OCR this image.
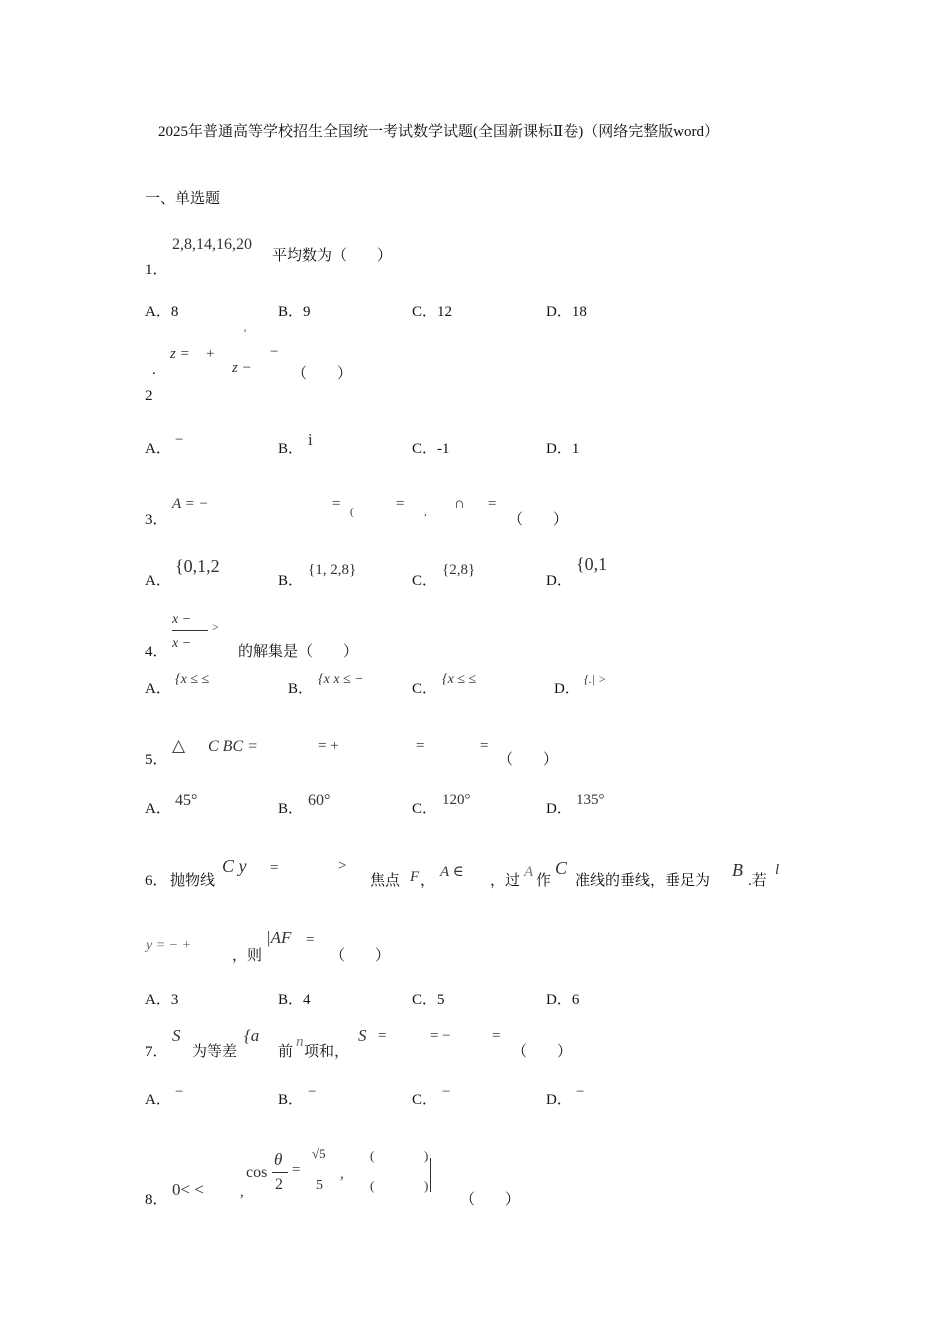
2025年普通高等学校招生全国统一考试数学试题(全国新课标Ⅱ卷)（网络完整版word）
一、单选题
2,8,14,16,20
平均数为（　　）
1．
A．8	B．9	C．12	D．18
z = +
'
−
z −	（　　）
.
2
A．
−
B． i	C．-1	D．1
3．
A = −	= (	= , ∩ =
（　　）
A．
{0,1,2
B．
{1, 2,8}
C．
{2,8}
D．
{0,1
x − >
x −
4．	的解集是（　　）
A．
{x ≤ ≤
B．
{x x ≤ −
C．
{x ≤ ≤
D．
{.| >
△ C BC =	= +	=	=
（　　）
5．
A． 45°	B． 60°	C．
120°
D．
135°
6． 抛物线
C y =	>
焦点 F ，
A ∈
，过
A
作
C
准线的垂线，垂足为
B
.若
l
y = − +
，则
|AF =
（　　）
A．3	B．4	C．5	D．6
7．
S
为等差
{a
前
n
项和，
S =	= −	=
（　　）
A． −	B． −	C． −	D． −
8．
0< < ,
cos
θ
2
=
√5
5
,
(
(
)
)
（　　）
